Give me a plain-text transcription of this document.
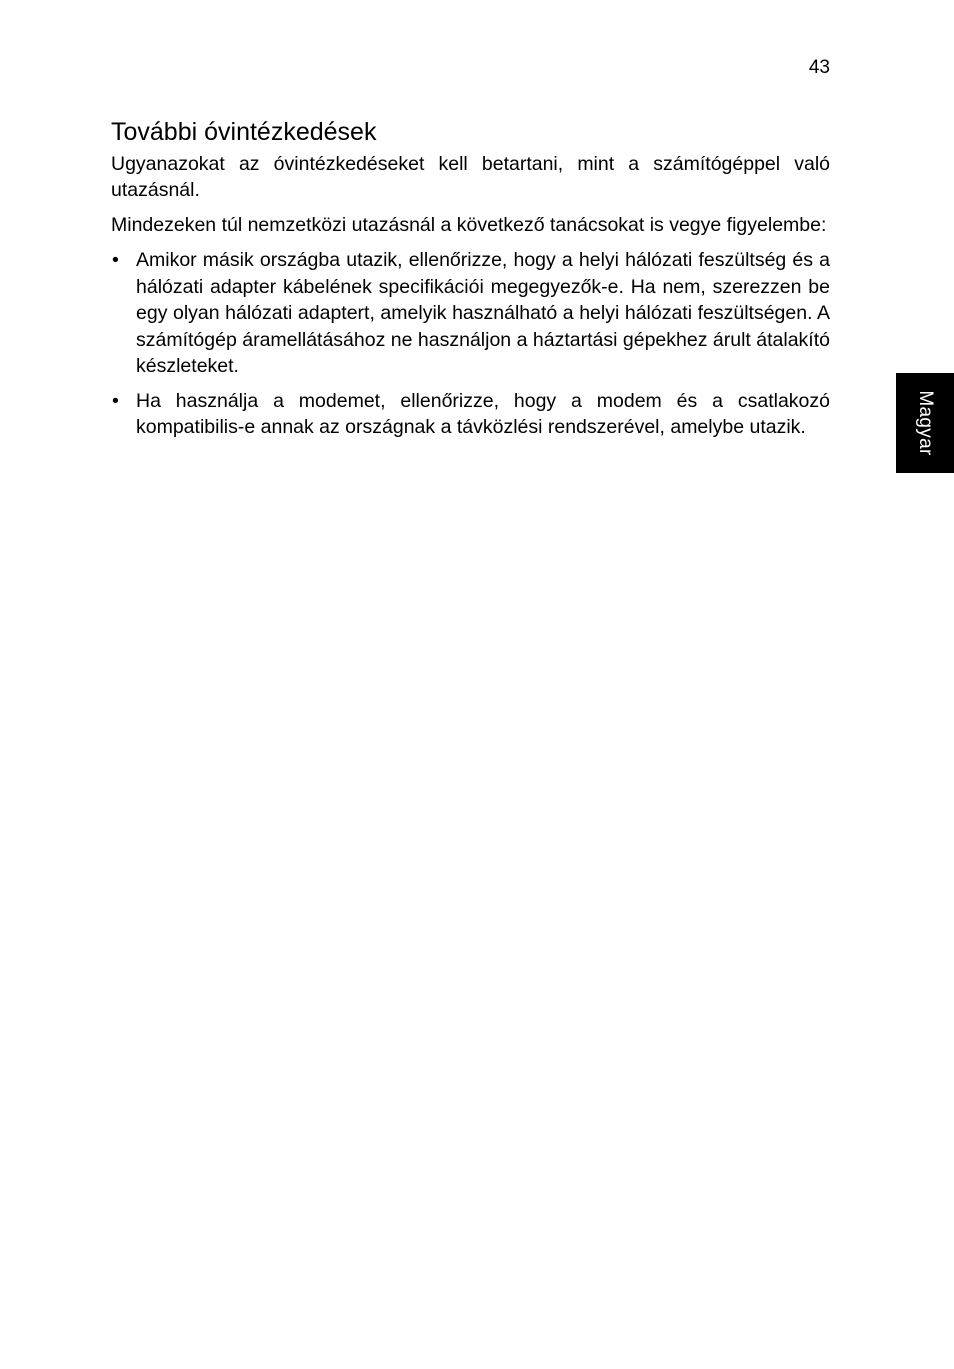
43
További óvintézkedések

Ugyanazokat az óvintézkedéseket kell betartani, mint a számítógéppel való utazásnál.

Mindezeken túl nemzetközi utazásnál a következő tanácsokat is vegye figyelembe:

• Amikor másik országba utazik, ellenőrizze, hogy a helyi hálózati feszültség és a hálózati adapter kábelének specifikációi megegyezők-e. Ha nem, szerezzen be egy olyan hálózati adaptert, amelyik használható a helyi hálózati feszültségen. A számítógép áramellátásához ne használjon a háztartási gépekhez árult átalakító készleteket.
• Ha használja a modemet, ellenőrizze, hogy a modem és a csatlakozó kompatibilis-e annak az országnak a távközlési rendszerével, amelybe utazik.	Magyar
